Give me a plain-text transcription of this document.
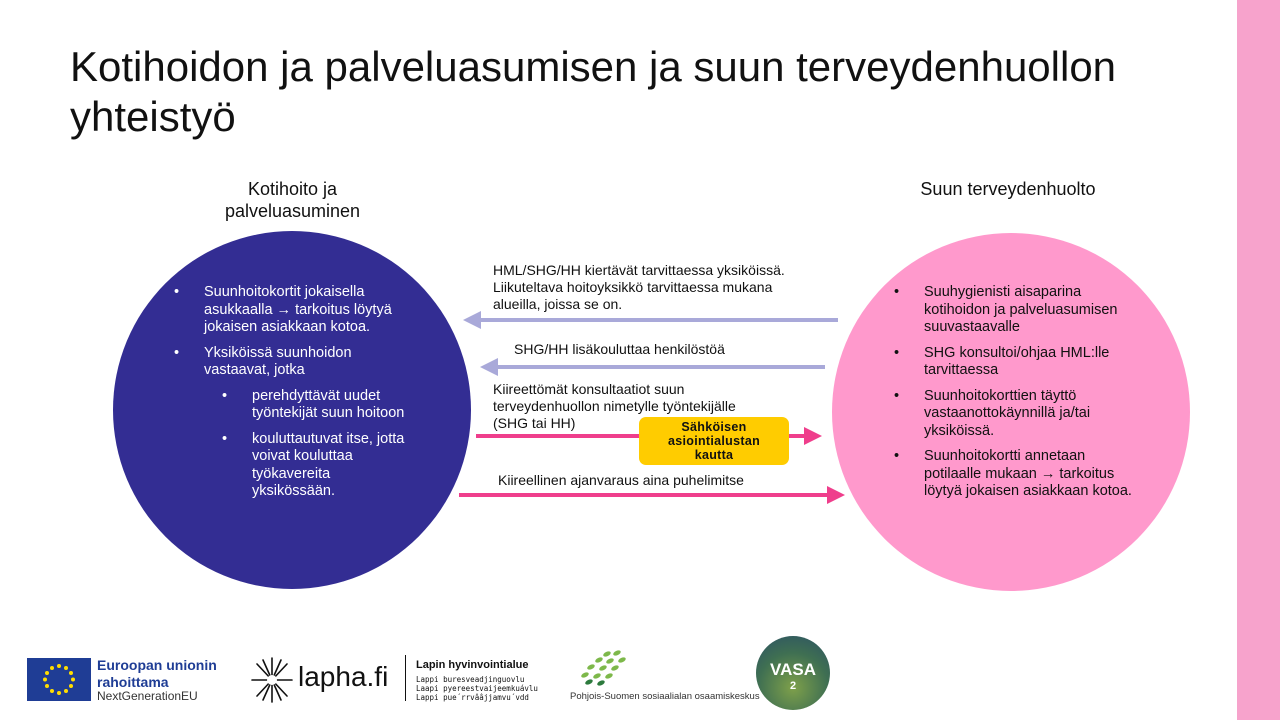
Kotihoidon ja palveluasumisen ja suun terveydenhuollon yhteistyö
Kotihoito ja
palveluasuminen
Suun terveydenhuolto
• Suunhoitokortit jokaisella asukkaalla → tarkoitus löytyä jokaisen asiakkaan kotoa.
• Yksiköissä suunhoidon vastaavat, jotka
• perehdyttävät uudet työntekijät suun hoitoon
• kouluttautuvat itse, jotta voivat kouluttaa työkavereita yksikössään.
• Suuhygienisti aisaparina kotihoidon ja palveluasumisen suuvastaavalle
• SHG konsultoi/ohjaa HML:lle tarvittaessa
• Suunhoitokorttien täyttö vastaanottokäynnillä ja/tai yksiköissä.
• Suunhoitokortti annetaan potilaalle mukaan → tarkoitus löytyä jokaisen asiakkaan kotoa.
HML/SHG/HH kiertävät tarvittaessa yksiköissä.
Liikuteltava hoitoyksikkö tarvittaessa mukana
alueilla, joissa se on.
SHG/HH lisäkouluttaa henkilöstöä
Kiireettömät konsultaatiot suun
terveydenhuollon nimetylle työntekijälle
(SHG tai HH)
Kiireellinen ajanvaraus aina puhelimitse
Sähköisen
asiointialustan
kautta
Euroopan unionin
rahoittama
NextGenerationEU
lapha.fi	Lapin hyvinvointialue
Lappi buresveadjinguovlu
Laapi pyereestvaijeemkuávlu
Lappi pue´rrvââjjamvu´vdd	Pohjois-Suomen sosiaalialan osaamiskeskus
VASA
2
